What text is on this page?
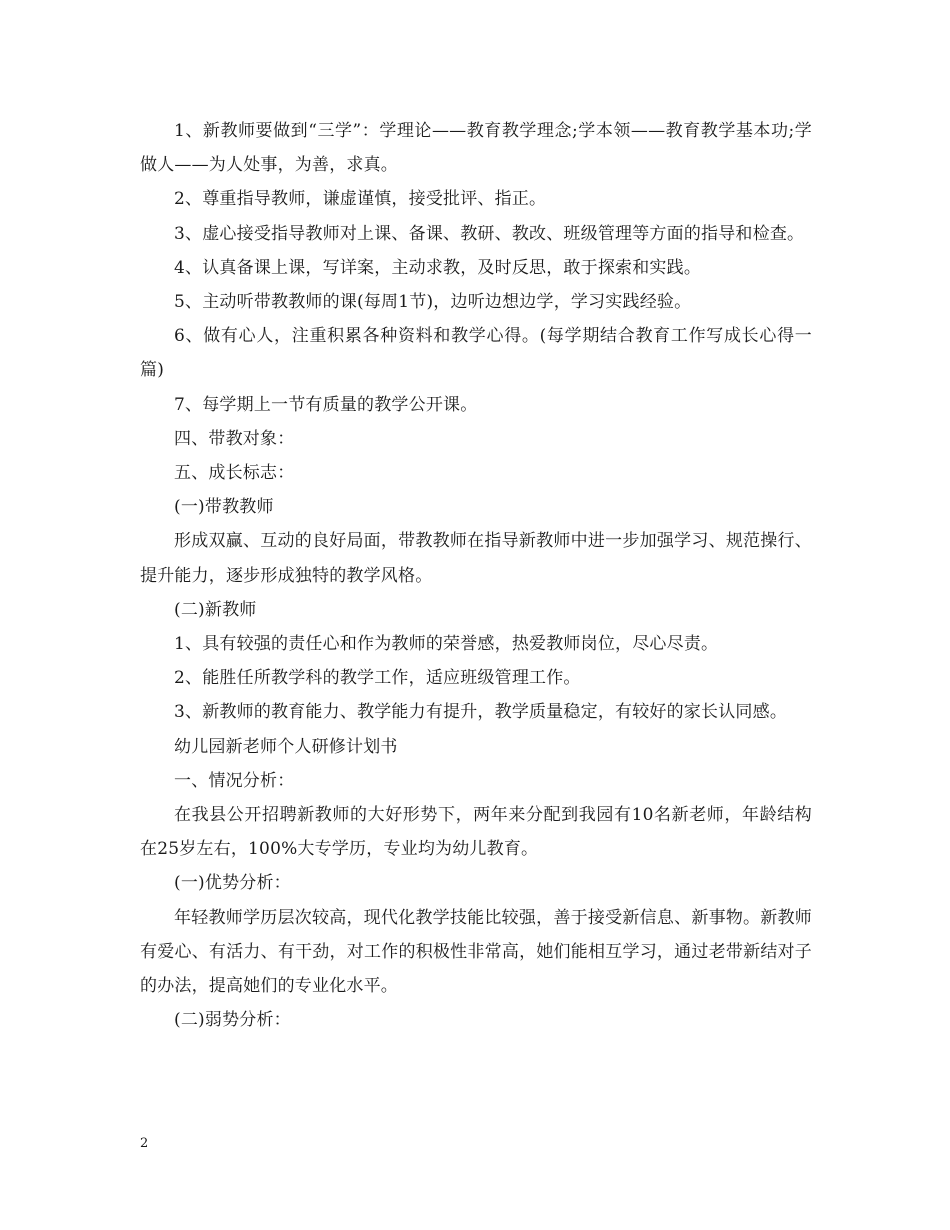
1、新教师要做到“三学”：学理论——教育教学理念;学本领——教育教学基本功;学做人——为人处事，为善，求真。

2、尊重指导教师，谦虚谨慎，接受批评、指正。

3、虚心接受指导教师对上课、备课、教研、教改、班级管理等方面的指导和检查。

4、认真备课上课，写详案，主动求教，及时反思，敢于探索和实践。

5、主动听带教教师的课(每周1节)，边听边想边学，学习实践经验。

6、做有心人，注重积累各种资料和教学心得。(每学期结合教育工作写成长心得一篇)

7、每学期上一节有质量的教学公开课。

四、带教对象：

五、成长标志：

(一)带教教师

形成双赢、互动的良好局面，带教教师在指导新教师中进一步加强学习、规范操行、提升能力，逐步形成独特的教学风格。

(二)新教师

1、具有较强的责任心和作为教师的荣誉感，热爱教师岗位，尽心尽责。

2、能胜任所教学科的教学工作，适应班级管理工作。

3、新教师的教育能力、教学能力有提升，教学质量稳定，有较好的家长认同感。

幼儿园新老师个人研修计划书

一、情况分析：

在我县公开招聘新教师的大好形势下，两年来分配到我园有10名新老师，年龄结构在25岁左右，100%大专学历，专业均为幼儿教育。

(一)优势分析：

年轻教师学历层次较高，现代化教学技能比较强，善于接受新信息、新事物。新教师有爱心、有活力、有干劲，对工作的积极性非常高，她们能相互学习，通过老带新结对子的办法，提高她们的专业化水平。

(二)弱势分析：

2
